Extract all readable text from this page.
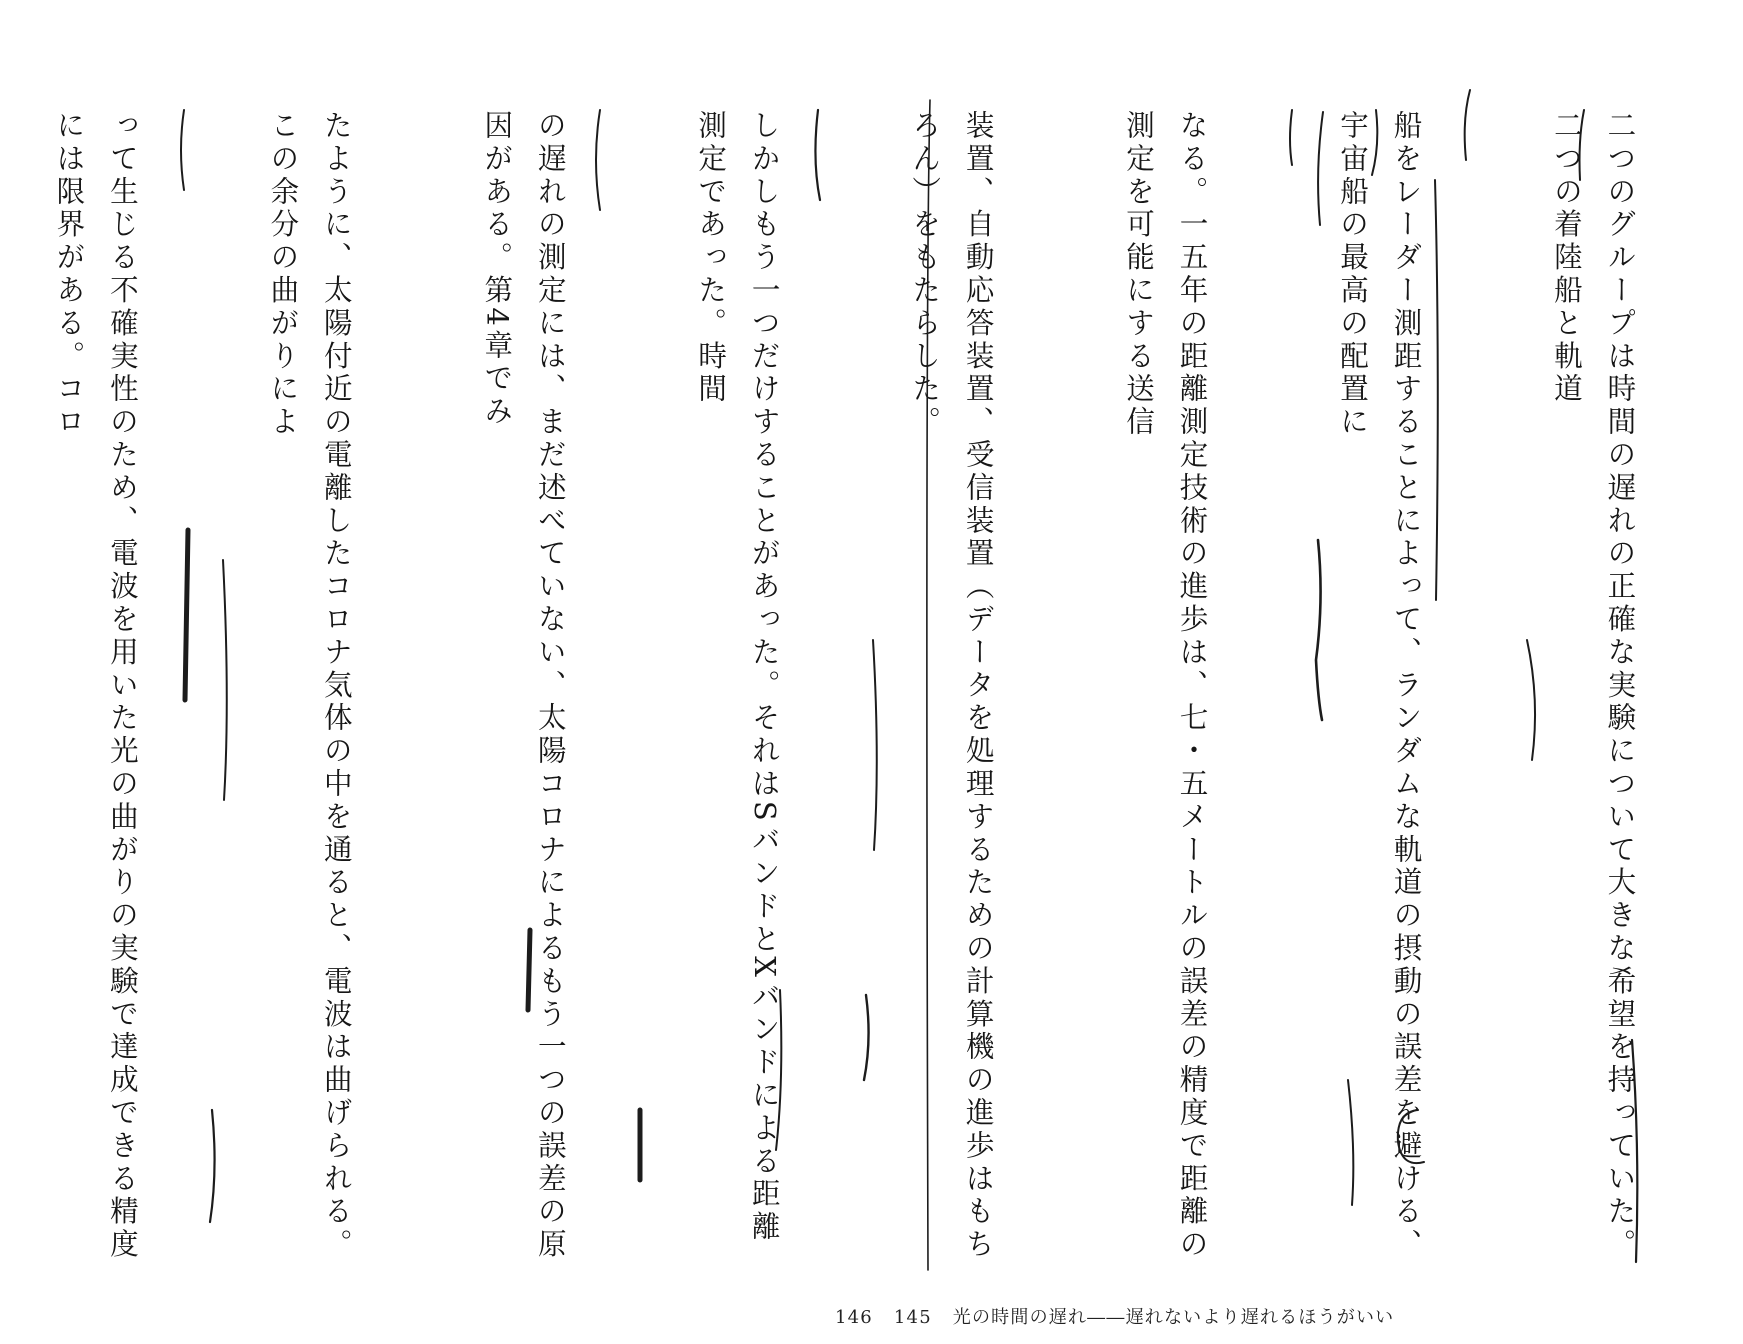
二つのグループは時間の遅れの正確な実験について大きな希望を持っていた。二つの着陸船と軌道

船をレーダー測距することによって、ランダムな軌道の摂動の誤差を避ける、宇宙船の最高の配置に

なる。一五年の距離測定技術の進歩は、七・五メートルの誤差の精度で距離の測定を可能にする送信

装置、自動応答装置、受信装置（データを処理するための計算機の進歩はもちろん）をもたらした。

しかしもう一つだけすることがあった。それはSバンドとXバンドによる距離測定であった。時間

の遅れの測定には、まだ述べていない、太陽コロナによるもう一つの誤差の原因がある。第4章でみ

たように、太陽付近の電離したコロナ気体の中を通ると、電波は曲げられる。この余分の曲がりによ

って生じる不確実性のため、電波を用いた光の曲がりの実験で達成できる精度には限界がある。コロ

146 145 光の時間の遅れ――遅れないより遅れるほうがいい
